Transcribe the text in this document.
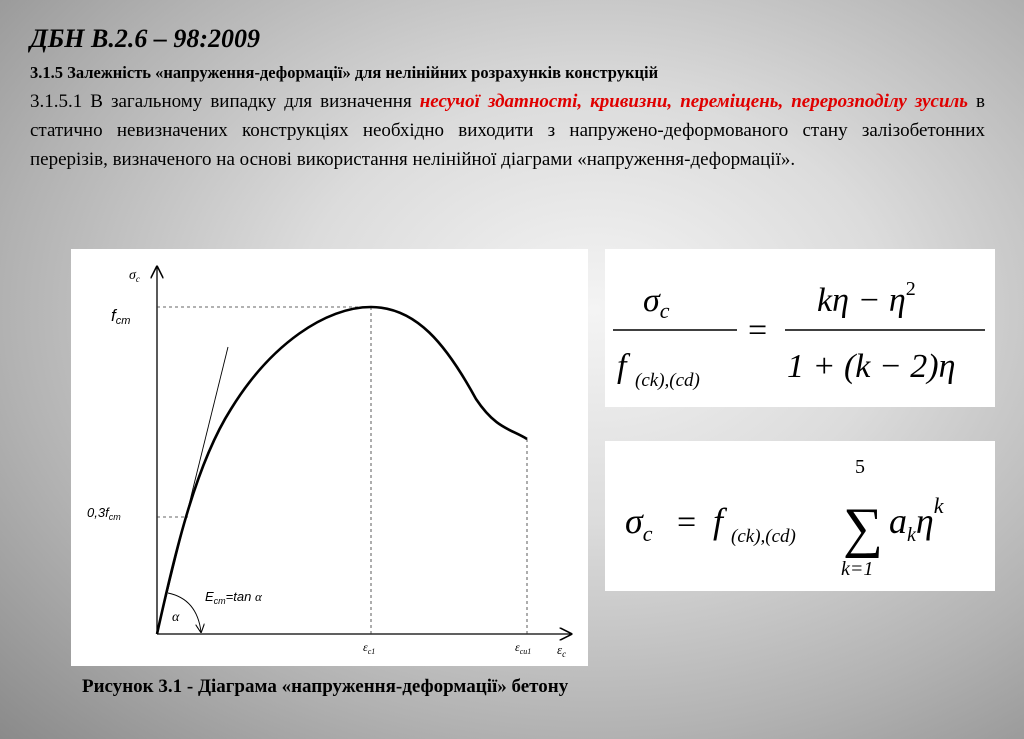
ДБН В.2.6 – 98:2009
3.1.5 Залежність «напруження-деформації» для нелінійних розрахунків конструкцій
3.1.5.1 В загальному випадку для визначення несучої здатності, кривизни, переміщень, перерозподілу зусиль в статично невизначених конструкціях необхідно виходити з напружено-деформованого стану залізобетонних перерізів, визначеного на основі використання нелінійної діаграми «напруження-деформації».
$\sigma_c$
fcm
$0,3f_{cm}$
$E_{cm}=\tan$ α
α
$\varepsilon_{c1}$	$\varepsilon_{cu1}$ $\varepsilon_c$
$\sigma_c$
f (ck),(cd)
=
$k\eta - \eta^2$
1 + (k − 2)η
$\sigma_c = f$ (ck),(cd)
5
∑
k=1
$a_k\eta^k$
Рисунок 3.1 - Діаграма «напруження-деформації» бетону
